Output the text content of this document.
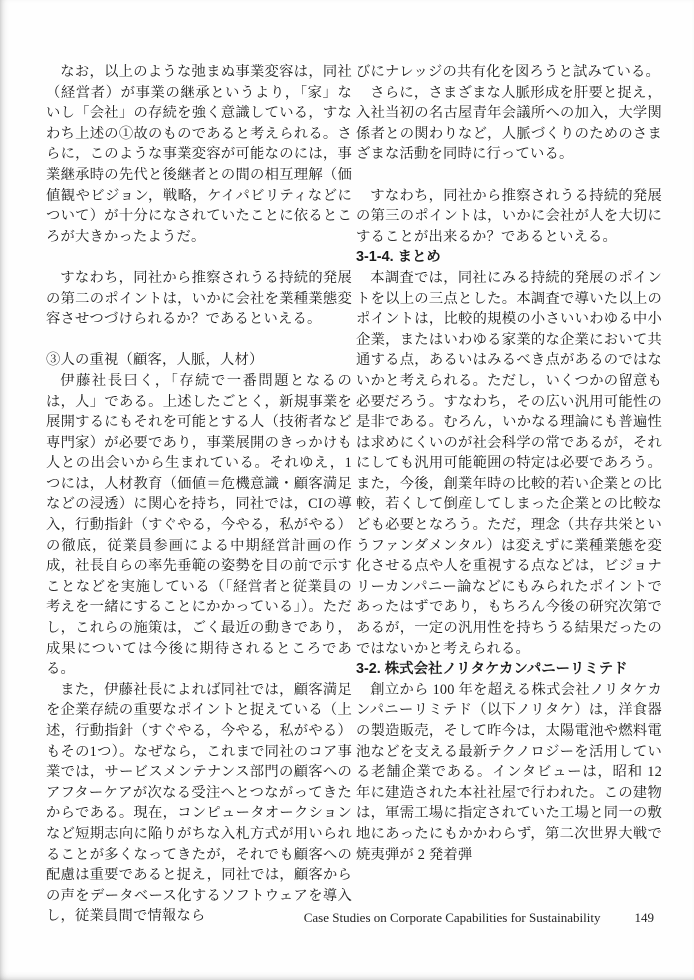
なお，以上のような弛まぬ事業変容は，同社（経営者）が事業の継承というより，「家」ないし「会社」の存続を強く意識している，すなわち上述の①故のものであると考えられる。さらに，このような事業変容が可能なのには，事業継承時の先代と後継者との間の相互理解（価値観やビジョン，戦略，ケイパビリティなどについて）が十分になされていたことに依るところが大きかったようだ。

すなわち，同社から推察されうる持続的発展の第二のポイントは，いかに会社を業種業態変容させつづけられるか？であるといえる。

③人の重視（顧客，人脈，人材）

伊藤社長曰く，「存続で一番問題となるのは，人」である。上述したごとく，新規事業を展開するにもそれを可能とする人（技術者など専門家）が必要であり，事業展開のきっかけも人との出会いから生まれている。それゆえ，1つには，人材教育（価値＝危機意識・顧客満足などの浸透）に関心を持ち，同社では，CIの導入，行動指針（すぐやる，今やる，私がやる）の徹底，従業員参画による中期経営計画の作成，社長自らの率先垂範の姿勢を目の前で示すことなどを実施している（「経営者と従業員の考えを一緒にすることにかかっている」）。ただし，これらの施策は，ごく最近の動きであり，成果については今後に期待されるところである。

また，伊藤社長によれば同社では，顧客満足を企業存続の重要なポイントと捉えている（上述，行動指針（すぐやる，今やる，私がやる）もその1つ）。なぜなら，これまで同社のコア事業では，サービスメンテナンス部門の顧客へのアフターケアが次なる受注へとつながってきたからである。現在，コンピュータオークションなど短期志向に陥りがちな入札方式が用いられることが多くなってきたが，それでも顧客への配慮は重要であると捉え，同社では，顧客からの声をデータベース化するソフトウェアを導入し，従業員間で情報なら

びにナレッジの共有化を図ろうと試みている。

さらに，さまざまな人脈形成を肝要と捉え，入社当初の名古屋青年会議所への加入，大学関係者との関わりなど，人脈づくりのためのさまざまな活動を同時に行っている。

すなわち，同社から推察されうる持続的発展の第三のポイントは，いかに会社が人を大切にすることが出来るか？であるといえる。

3-1-4. まとめ

本調査では，同社にみる持続的発展のポイントを以上の三点とした。本調査で導いた以上のポイントは，比較的規模の小さいいわゆる中小企業，またはいわゆる家業的な企業において共通する点，あるいはみるべき点があるのではないかと考えられる。ただし，いくつかの留意も必要だろう。すなわち，その広い汎用可能性の是非である。むろん，いかなる理論にも普遍性は求めにくいのが社会科学の常であるが，それにしても汎用可能範囲の特定は必要であろう。また，今後，創業年時の比較的若い企業との比較，若くして倒産してしまった企業との比較なども必要となろう。ただ，理念（共存共栄というファンダメンタル）は変えずに業種業態を変化させる点や人を重視する点などは，ビジョナリーカンパニー論などにもみられたポイントであったはずであり，もちろん今後の研究次第であるが，一定の汎用性を持ちうる結果だったのではないかと考えられる。

3-2. 株式会社ノリタケカンパニーリミテド

創立から 100 年を超える株式会社ノリタケカンパニーリミテド（以下ノリタケ）は，洋食器の製造販売，そして昨今は，太陽電池や燃料電池などを支える最新テクノロジーを活用している老舗企業である。インタビューは，昭和 12 年に建造された本社社屋で行われた。この建物は，軍需工場に指定されていた工場と同一の敷地にあったにもかかわらず，第二次世界大戦で焼夷弾が 2 発着弾

Case Studies on Corporate Capabilities for Sustainability	149
